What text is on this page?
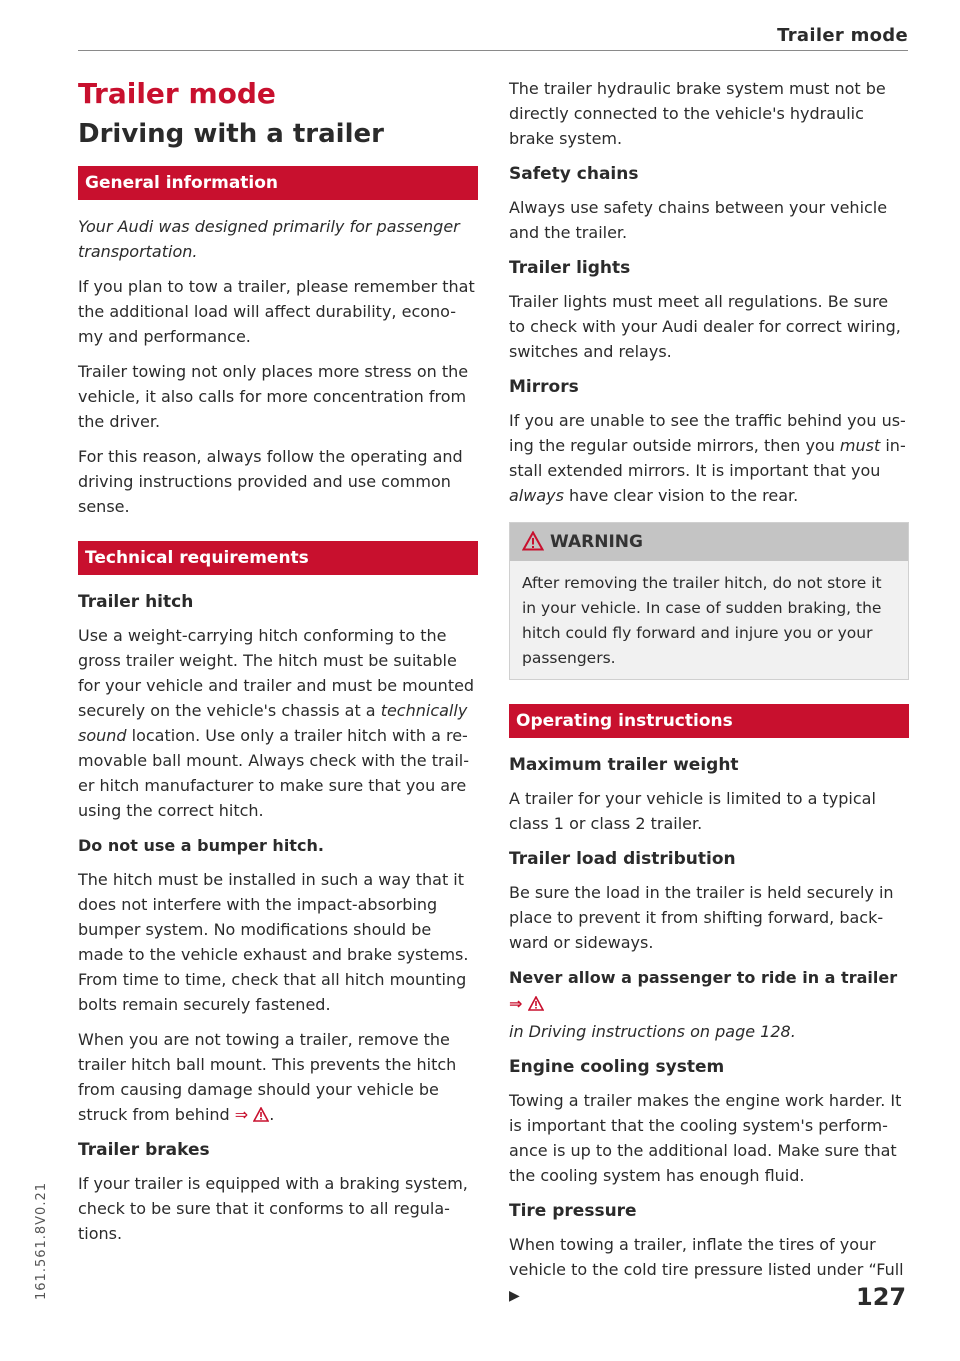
Trailer mode
Trailer mode
Driving with a trailer
General information

Your Audi was designed primarily for passenger transportation.

If you plan to tow a trailer, please remember that the additional load will affect durability, econo-my and performance.

Trailer towing not only places more stress on the vehicle, it also calls for more concentration from the driver.

For this reason, always follow the operating and driving instructions provided and use common sense.

Technical requirements
Trailer hitch

Use a weight-carrying hitch conforming to the gross trailer weight. The hitch must be suitable for your vehicle and trailer and must be mounted securely on the vehicle's chassis at a technically sound location. Use only a trailer hitch with a re-movable ball mount. Always check with the trail-er hitch manufacturer to make sure that you are using the correct hitch.

Do not use a bumper hitch.

The hitch must be installed in such a way that it does not interfere with the impact-absorbing bumper system. No modifications should be made to the vehicle exhaust and brake systems. From time to time, check that all hitch mounting bolts remain securely fastened.

When you are not towing a trailer, remove the trailer hitch ball mount. This prevents the hitch from causing damage should your vehicle be struck from behind ⇒ .

Trailer brakes

If your trailer is equipped with a braking system, check to be sure that it conforms to all regula-tions.

The trailer hydraulic brake system must not be directly connected to the vehicle's hydraulic brake system.

Safety chains

Always use safety chains between your vehicle and the trailer.

Trailer lights

Trailer lights must meet all regulations. Be sure to check with your Audi dealer for correct wiring, switches and relays.

Mirrors

If you are unable to see the traffic behind you us-ing the regular outside mirrors, then you must in-stall extended mirrors. It is important that you always have clear vision to the rear.

WARNING
After removing the trailer hitch, do not store it in your vehicle. In case of sudden braking, the hitch could fly forward and injure you or your passengers.
Operating instructions
Maximum trailer weight

A trailer for your vehicle is limited to a typical class 1 or class 2 trailer.

Trailer load distribution

Be sure the load in the trailer is held securely in place to prevent it from shifting forward, back-ward or sideways.

Never allow a passenger to ride in a trailer ⇒

in Driving instructions on page 128.

Engine cooling system

Towing a trailer makes the engine work harder. It is important that the cooling system's perform-ance is up to the additional load. Make sure that the cooling system has enough fluid.

Tire pressure

When towing a trailer, inflate the tires of your vehicle to the cold tire pressure listed under “Full ▶	127
161.561.8V0.21
